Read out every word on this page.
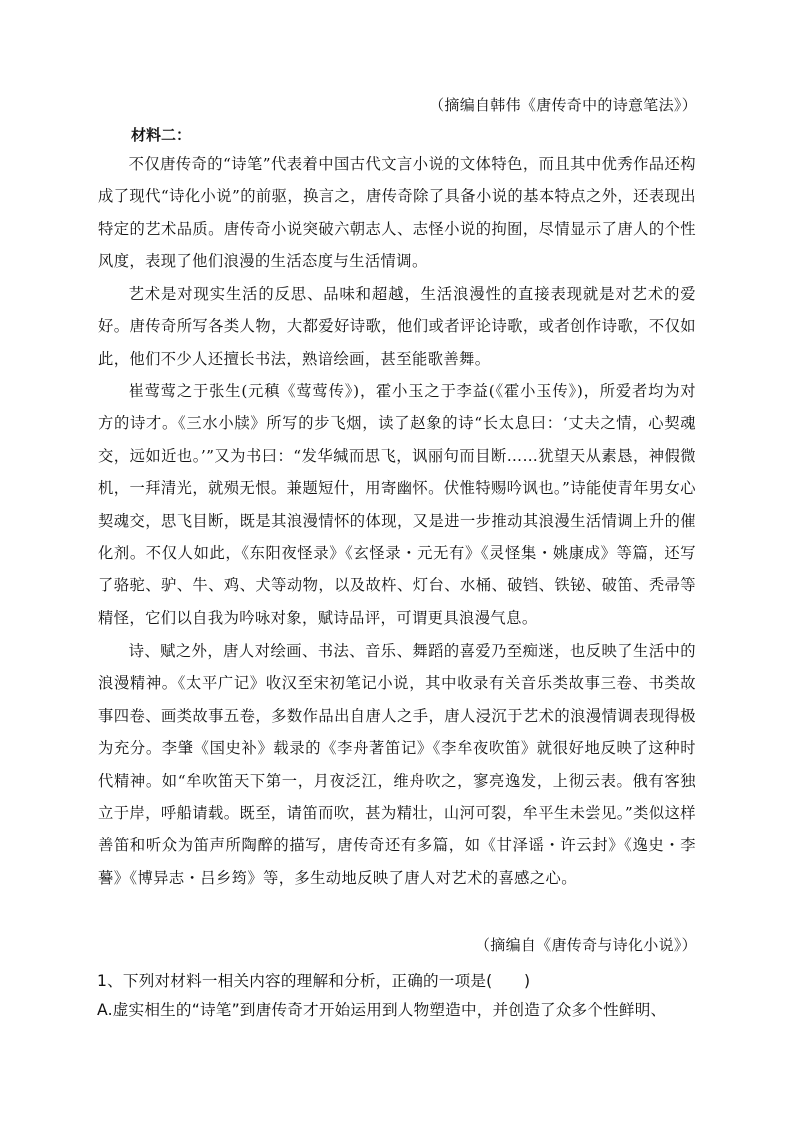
（摘编自韩伟《唐传奇中的诗意笔法》）
材料二：

不仅唐传奇的“诗笔”代表着中国古代文言小说的文体特色，而且其中优秀作品还构成了现代“诗化小说”的前驱，换言之，唐传奇除了具备小说的基本特点之外，还表现出特定的艺术品质。唐传奇小说突破六朝志人、志怪小说的拘囿，尽情显示了唐人的个性风度，表现了他们浪漫的生活态度与生活情调。

艺术是对现实生活的反思、品味和超越，生活浪漫性的直接表现就是对艺术的爱好。唐传奇所写各类人物，大都爱好诗歌，他们或者评论诗歌，或者创作诗歌，不仅如此，他们不少人还擅长书法，熟谙绘画，甚至能歌善舞。

崔莺莺之于张生(元稹《莺莺传》)，霍小玉之于李益(《霍小玉传》)，所爱者均为对方的诗才。《三水小牍》所写的步飞烟，读了赵象的诗“长太息曰：‘丈夫之情，心契魂交，远如近也。’”又为书曰：“发华缄而思飞，讽丽句而目断……犹望天从素恳，神假微机，一拜清光，就殒无恨。兼题短什，用寄幽怀。伏惟特赐吟讽也。”诗能使青年男女心契魂交，思飞目断，既是其浪漫情怀的体现，又是进一步推动其浪漫生活情调上升的催化剂。不仅人如此，《东阳夜怪录》《玄怪录・元无有》《灵怪集・姚康成》等篇，还写了骆驼、驴、牛、鸡、犬等动物，以及故杵、灯台、水桶、破铛、铁铋、破笛、秃帚等精怪，它们以自我为吟咏对象，赋诗品评，可谓更具浪漫气息。

诗、赋之外，唐人对绘画、书法、音乐、舞蹈的喜爱乃至痴迷，也反映了生活中的浪漫精神。《太平广记》收汉至宋初笔记小说，其中收录有关音乐类故事三卷、书类故事四卷、画类故事五卷，多数作品出自唐人之手，唐人浸沉于艺术的浪漫情调表现得极为充分。李肇《国史补》载录的《李舟著笛记》《李牟夜吹笛》就很好地反映了这种时代精神。如“牟吹笛天下第一，月夜泛江，维舟吹之，寥亮逸发，上彻云表。俄有客独立于岸，呼船请载。既至，请笛而吹，甚为精壮，山河可裂，牟平生未尝见。”类似这样善笛和听众为笛声所陶醉的描写，唐传奇还有多篇，如《甘泽谣・许云封》《逸史・李謩》《博异志・吕乡筠》等，多生动地反映了唐人对艺术的喜感之心。

（摘编自《唐传奇与诗化小说》）
1、下列对材料一相关内容的理解和分析，正确的一项是(　　)
A.虚实相生的“诗笔”到唐传奇才开始运用到人物塑造中，并创造了众多个性鲜明、
